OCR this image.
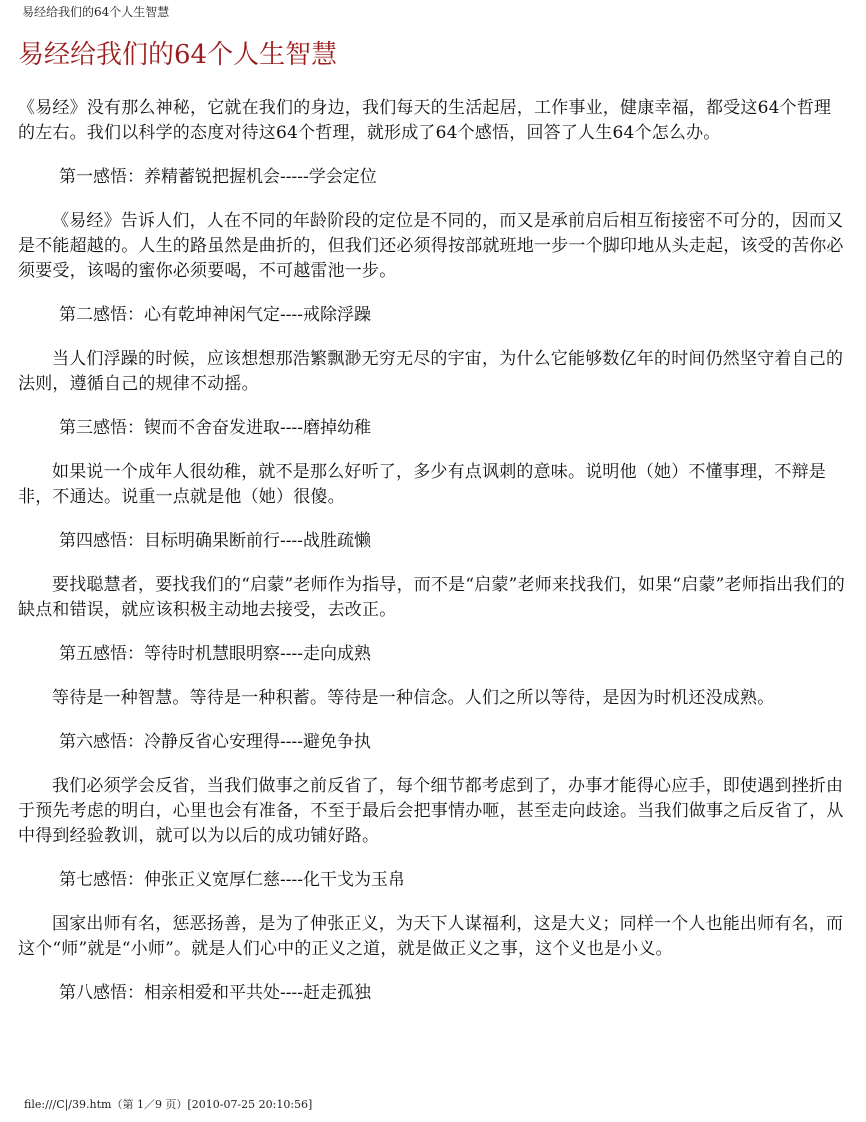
易经给我们的64个人生智慧
易经给我们的64个人生智慧

《易经》没有那么神秘，它就在我们的身边，我们每天的生活起居，工作事业，健康幸福，都受这64个哲理的左右。我们以科学的态度对待这64个哲理，就形成了64个感悟，回答了人生64个怎么办。

第一感悟：养精蓄锐把握机会-----学会定位

《易经》告诉人们，人在不同的年龄阶段的定位是不同的，而又是承前启后相互衔接密不可分的，因而又是不能超越的。人生的路虽然是曲折的，但我们还必须得按部就班地一步一个脚印地从头走起，该受的苦你必须要受，该喝的蜜你必须要喝，不可越雷池一步。

第二感悟：心有乾坤神闲气定----戒除浮躁

当人们浮躁的时候，应该想想那浩繁飘渺无穷无尽的宇宙，为什么它能够数亿年的时间仍然坚守着自己的法则，遵循自己的规律不动摇。

第三感悟：锲而不舍奋发进取----磨掉幼稚

如果说一个成年人很幼稚，就不是那么好听了，多少有点讽刺的意味。说明他（她）不懂事理，不辩是非，不通达。说重一点就是他（她）很傻。

第四感悟：目标明确果断前行----战胜疏懒

要找聪慧者，要找我们的“启蒙”老师作为指导，而不是“启蒙”老师来找我们，如果“启蒙”老师指出我们的缺点和错误，就应该积极主动地去接受，去改正。

第五感悟：等待时机慧眼明察----走向成熟

等待是一种智慧。等待是一种积蓄。等待是一种信念。人们之所以等待，是因为时机还没成熟。

第六感悟：冷静反省心安理得----避免争执

我们必须学会反省，当我们做事之前反省了，每个细节都考虑到了，办事才能得心应手，即使遇到挫折由于预先考虑的明白，心里也会有准备，不至于最后会把事情办咂，甚至走向歧途。当我们做事之后反省了，从中得到经验教训，就可以为以后的成功铺好路。

第七感悟：伸张正义宽厚仁慈----化干戈为玉帛

国家出师有名，惩恶扬善，是为了伸张正义，为天下人谋福利，这是大义；同样一个人也能出师有名，而这个“师”就是“小师”。就是人们心中的正义之道，就是做正义之事，这个义也是小义。

第八感悟：相亲相爱和平共处----赶走孤独

file:///C|/39.htm（第 1／9 页）[2010-07-25 20:10:56]
